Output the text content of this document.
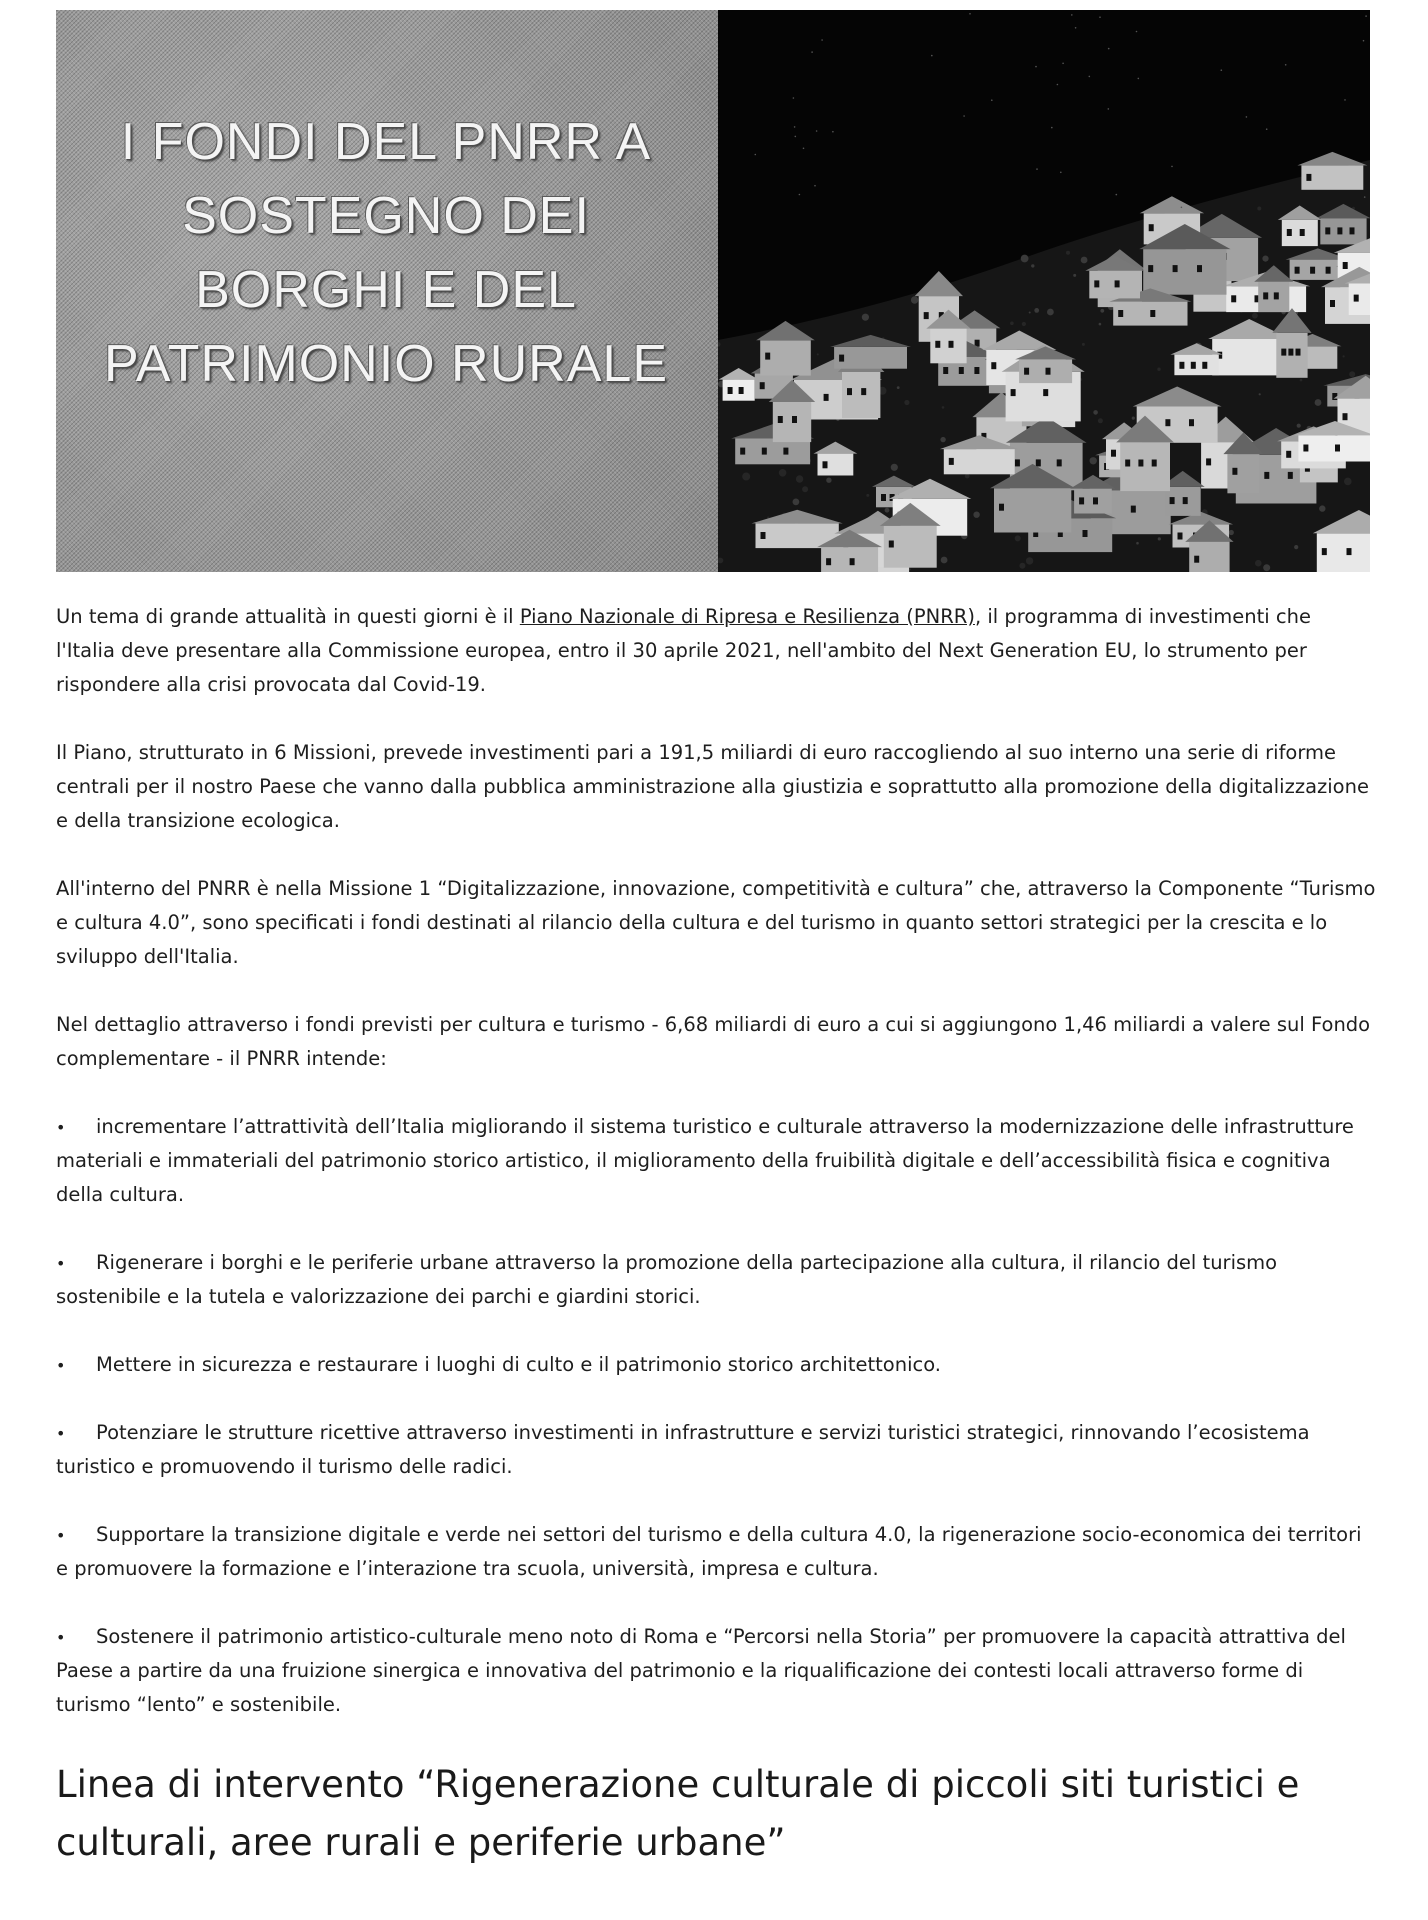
I FONDI DEL PNRR A SOSTEGNO DEI BORGHI E DEL PATRIMONIO RURALE

Un tema di grande attualità in questi giorni è il Piano Nazionale di Ripresa e Resilienza (PNRR), il programma di investimenti che l'Italia deve presentare alla Commissione europea, entro il 30 aprile 2021, nell'ambito del Next Generation EU, lo strumento per rispondere alla crisi provocata dal Covid-19.

Il Piano, strutturato in 6 Missioni, prevede investimenti pari a 191,5 miliardi di euro raccogliendo al suo interno una serie di riforme centrali per il nostro Paese che vanno dalla pubblica amministrazione alla giustizia e soprattutto alla promozione della digitalizzazione e della transizione ecologica.

All'interno del PNRR è nella Missione 1 “Digitalizzazione, innovazione, competitività e cultura” che, attraverso la Componente “Turismo e cultura 4.0”, sono specificati i fondi destinati al rilancio della cultura e del turismo in quanto settori strategici per la crescita e lo sviluppo dell'Italia.

Nel dettaglio attraverso i fondi previsti per cultura e turismo - 6,68 miliardi di euro a cui si aggiungono 1,46 miliardi a valere sul Fondo complementare - il PNRR intende:

•
incrementare l’attrattività dell’Italia migliorando il sistema turistico e culturale attraverso la modernizzazione delle infrastrutture materiali e immateriali del patrimonio storico artistico, il miglioramento della fruibilità digitale e dell’accessibilità fisica e cognitiva della cultura.

•
Rigenerare i borghi e le periferie urbane attraverso la promozione della partecipazione alla cultura, il rilancio del turismo sostenibile e la tutela e valorizzazione dei parchi e giardini storici.

•
Mettere in sicurezza e restaurare i luoghi di culto e il patrimonio storico architettonico.

•
Potenziare le strutture ricettive attraverso investimenti in infrastrutture e servizi turistici strategici, rinnovando l’ecosistema turistico e promuovendo il turismo delle radici.

•
Supportare la transizione digitale e verde nei settori del turismo e della cultura 4.0, la rigenerazione socio-economica dei territori e promuovere la formazione e l’interazione tra scuola, università, impresa e cultura.

•
Sostenere il patrimonio artistico-culturale meno noto di Roma e “Percorsi nella Storia” per promuovere la capacità attrattiva del Paese a partire da una fruizione sinergica e innovativa del patrimonio e la riqualificazione dei contesti locali attraverso forme di turismo “lento” e sostenibile.

Linea di intervento “Rigenerazione culturale di piccoli siti turistici e culturali, aree rurali e periferie urbane”
